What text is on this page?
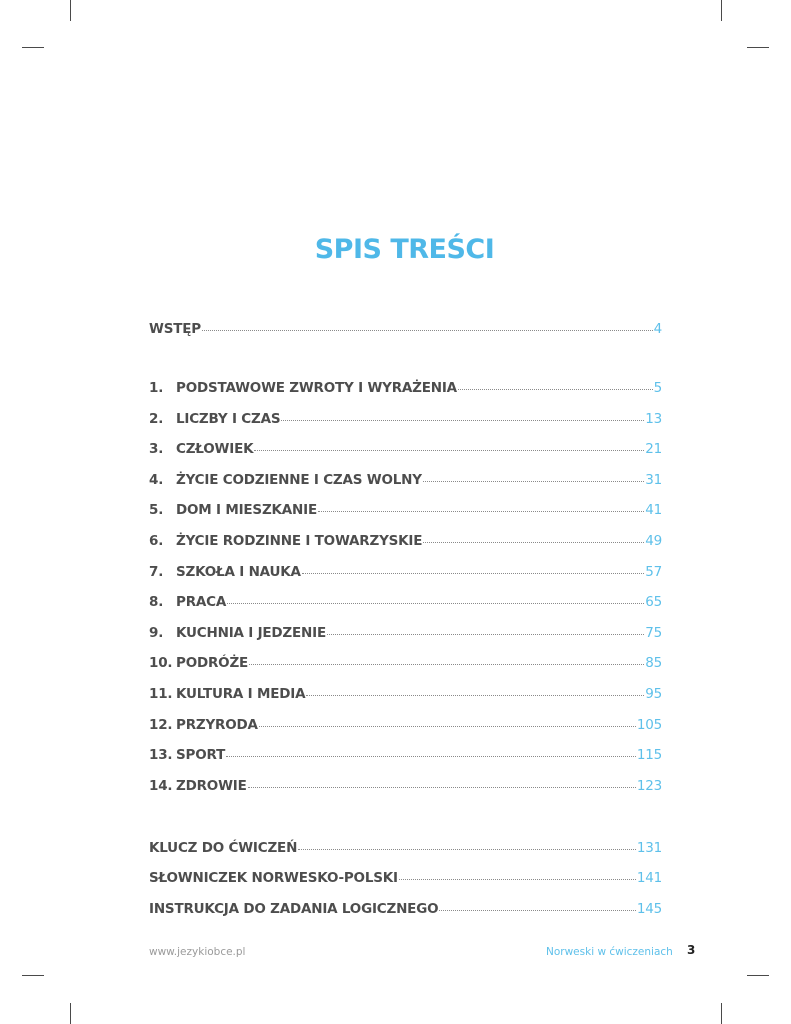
SPIS TREŚCI
WSTĘP	4
1. PODSTAWOWE ZWROTY I WYRAŻENIA	5
2. LICZBY I CZAS	13
3. CZŁOWIEK	21
4. ŻYCIE CODZIENNE I CZAS WOLNY	31
5. DOM I MIESZKANIE	41
6. ŻYCIE RODZINNE I TOWARZYSKIE	49
7. SZKOŁA I NAUKA	57
8. PRACA	65
9. KUCHNIA I JEDZENIE	75
10. PODRÓŻE	85
11. KULTURA I MEDIA	95
12. PRZYRODA	105
13. SPORT	115
14. ZDROWIE	123
KLUCZ DO ĆWICZEŃ	131
SŁOWNICZEK NORWESKO-POLSKI	141
INSTRUKCJA DO ZADANIA LOGICZNEGO	145
www.jezykiobce.pl	Norweski w ćwiczeniach 3
